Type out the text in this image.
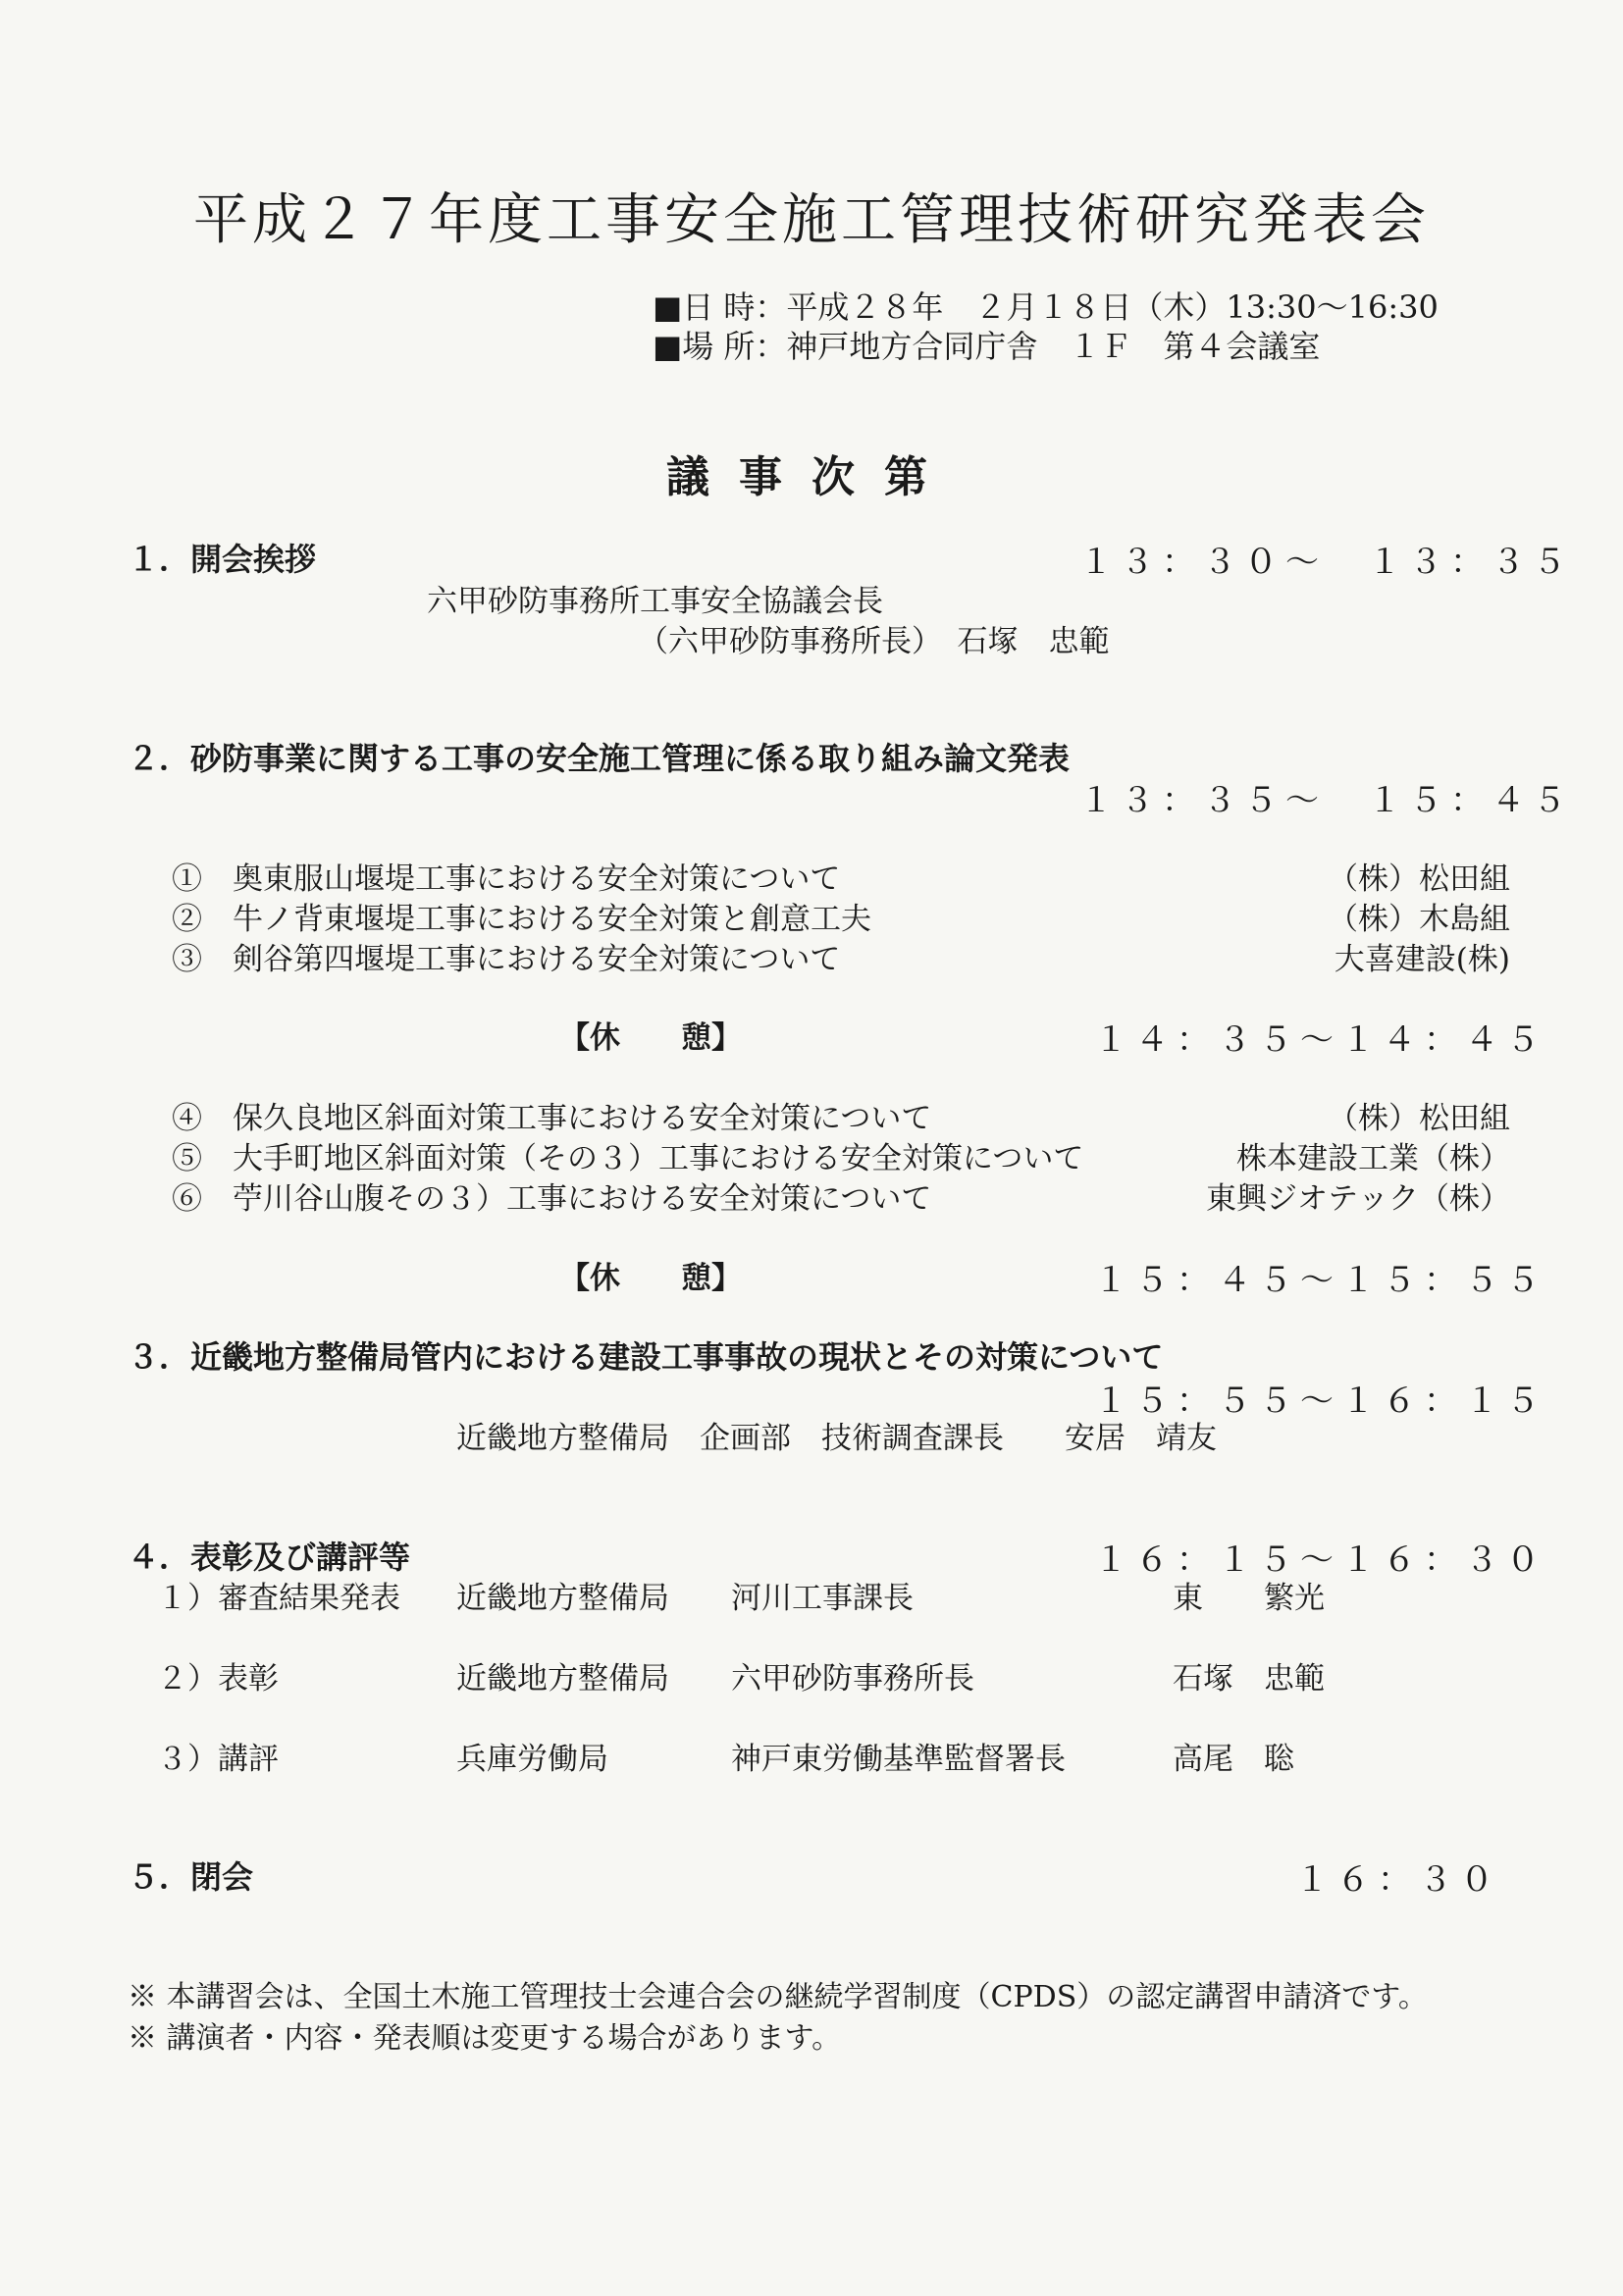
平成２７年度工事安全施工管理技術研究発表会
■日 時：平成２８年　２月１８日（木）13:30～16:30
■場 所：神戸地方合同庁舎　１Ｆ　第４会議室
議事次第
１．開会挨拶	１３：３０～　１３：３５
六甲砂防事務所工事安全協議会長
（六甲砂防事務所長）　石塚　忠範
２．砂防事業に関する工事の安全施工管理に係る取り組み論文発表
１３：３５～　１５：４５
①　奥東服山堰堤工事における安全対策について	（株）松田組
②　牛ノ背東堰堤工事における安全対策と創意工夫	（株）木島組
③　剣谷第四堰堤工事における安全対策について	大喜建設(株)
【休　　憩】	１４：３５～１４：４５
④　保久良地区斜面対策工事における安全対策について	（株）松田組
⑤　大手町地区斜面対策（その３）工事における安全対策について	株本建設工業（株）
⑥　苧川谷山腹その３）工事における安全対策について	東興ジオテック（株）
【休　　憩】	１５：４５～１５：５５
３．近畿地方整備局管内における建設工事事故の現状とその対策について
１５：５５～１６：１５
近畿地方整備局　企画部　技術調査課長　　安居　靖友
４．表彰及び講評等	１６：１５～１６：３０
１）審査結果発表 近畿地方整備局 河川工事課長	東　　繁光
２）表彰	近畿地方整備局 六甲砂防事務所長	石塚　忠範
３）講評	兵庫労働局	神戸東労働基準監督署長	高尾　聡
５．閉会	１６：３０
※ 本講習会は、全国土木施工管理技士会連合会の継続学習制度（CPDS）の認定講習申請済です。
※ 講演者・内容・発表順は変更する場合があります。
